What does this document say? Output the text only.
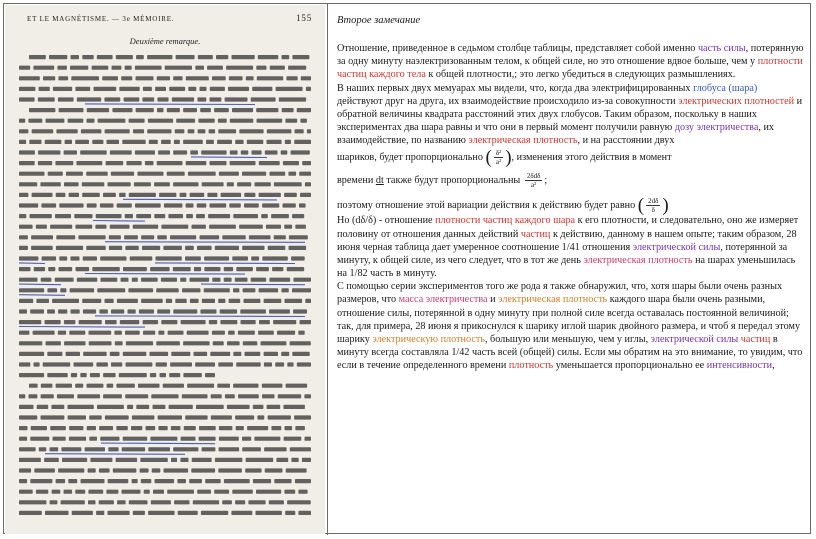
ET LE MAGNÉTISME. — 3e MÉMOIRE.	155
Deuxième remarque.
Второе замечание

Отношение, приведенное в седьмом столбце таблицы, представляет собой именно часть силы, потерянную за одну минуту наэлектризованным телом, к общей силе, но это отношение вдвое больше, чем у плотности частиц каждого тела к общей плотности,; это легко убедиться в следующих размышлениях.

В наших первых двух мемуарах мы видели, что, когда два электрифицированных глобуса (шара) действуют друг на друга, их взаимодействие происходило из-за совокупности электрических плотностей и обратной величины квадрата расстояний этих двух глобусов. Таким образом, поскольку в наших экспериментах два шара равны и что они в первый момент получили равную дозу электричества, их взаимодействие, по названию электрическая плотность, и на расстоянии двух

шариков, будет пропорционально ( $\frac{\text{δ²}}{\text{a²}}$ ), изменения этого действия в момент

времени dt также будут пропорциональны $\frac{\text{2δdδ}}{\text{a²}}$ ;

поэтому отношение этой вариации действия к действию будет равно ( $\frac{2d\delta}{\delta}$ )

Но (dδ/δ) - отношение плотности частиц каждого шара к его плотности, и следовательно, оно же измеряет половину от отношения данных действий частиц к действию, данному в нашем опыте; таким образом, 28 июня черная таблица дает умеренное соотношение 1/41 отношения электрической силы, потерянной за минуту, к общей силе, из чего следует, что в тот же день электрическая плотность на шарах уменьшилась на 1/82 часть в минуту.

С помощью серии экспериментов того же рода я также обнаружил, что, хотя шары были очень разных размеров, что масса электричества и электрическая плотность каждого шара были очень разными, отношение силы, потерянной в одну минуту при полной силе всегда оставалась постоянной величиной; так, для примера, 28 июня я прикоснулся к шарику иглой шарик двойного размера, и чтоб я передал этому шарику электрическую плотность, большую или меньшую, чем у иглы, электрической силы частиц в минуту всегда составляла 1/42 часть всей (общей) силы. Если мы обратим на это внимание, то увидим, что если в течение определенного времени плотность уменьшается пропорционально ее интенсивности,
